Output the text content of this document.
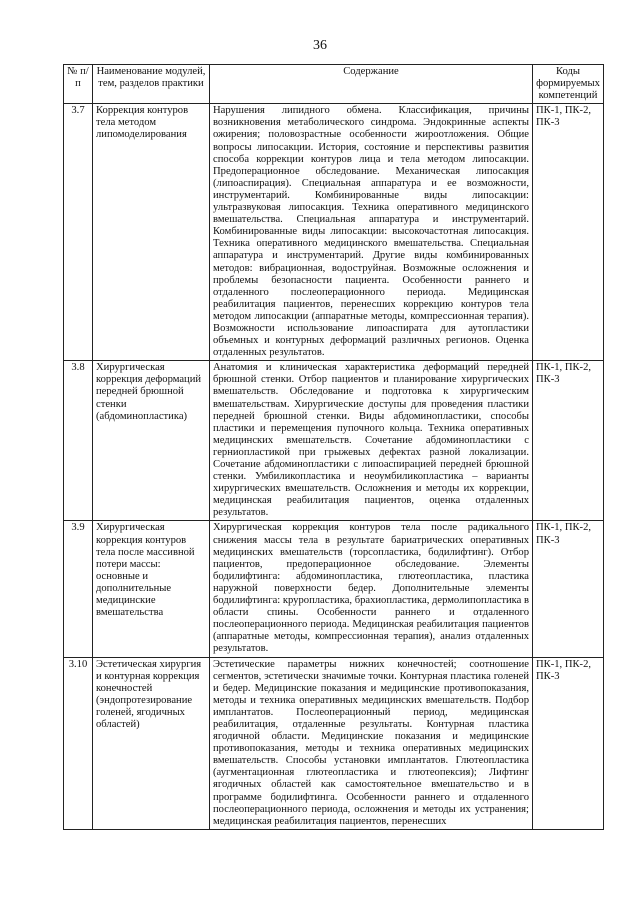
36
№ п/п	Наименование модулей, тем, разделов практики	Содержание	Коды формируемых компетенций
3.7	Коррекция контуров тела методом липомоделирования	Нарушения липидного обмена. Классификация, причины возникновения метаболического синдрома. Эндокринные аспекты ожирения; половозрастные особенности жироотложения. Общие вопросы липосакции. История, состояние и перспективы развития способа коррекции контуров лица и тела методом липосакции. Предоперационное обследование. Механическая липосакция (липоаспирация). Специальная аппаратура и ее возможности, инструментарий. Комбинированные виды липосакции: ультразвуковая липосакция. Техника оперативного медицинского вмешательства. Специальная аппаратура и инструментарий. Комбинированные виды липосакции: высокочастотная липосакция. Техника оперативного медицинского вмешательства. Специальная аппаратура и инструментарий. Другие виды комбинированных методов: вибрационная, водоструйная. Возможные осложнения и проблемы безопасности пациента. Особенности раннего и отдаленного послеоперационного периода. Медицинская реабилитация пациентов, перенесших коррекцию контуров тела методом липосакции (аппаратные методы, компрессионная терапия). Возможности использование липоаспирата для аутопластики объемных и контурных деформаций различных регионов. Оценка отдаленных результатов.	ПК-1, ПК-2, ПК-3
3.8	Хирургическая коррекция деформаций передней брюшной стенки (абдоминопластика)	Анатомия и клиническая характеристика деформаций передней брюшной стенки. Отбор пациентов и планирование хирургических вмешательств. Обследование и подготовка к хирургическим вмешательствам. Хирургические доступы для проведения пластики передней брюшной стенки. Виды абдоминопластики, способы пластики и перемещения пупочного кольца. Техника оперативных медицинских вмешательств. Сочетание абдоминопластики с герниопластикой при грыжевых дефектах разной локализации. Сочетание абдоминопластики с липоаспирацией передней брюшной стенки. Умбиликопластика и неоумбиликопластика – варианты хирургических вмешательств. Осложнения и методы их коррекции, медицинская реабилитация пациентов, оценка отдаленных результатов.	ПК-1, ПК-2, ПК-3
3.9	Хирургическая коррекция контуров тела после массивной потери массы: основные и дополнительные медицинские вмешательства	Хирургическая коррекция контуров тела после радикального снижения массы тела в результате бариатрических оперативных медицинских вмешательств (торсопластика, бодилифтинг). Отбор пациентов, предоперационное обследование. Элементы бодилифтинга: абдоминопластика, глютеопластика, пластика наружной поверхности бедер. Дополнительные элементы бодилифтинга: круропластика, брахиопластика, дермолипопластика в области спины. Особенности раннего и отдаленного послеоперационного периода. Медицинская реабилитация пациентов (аппаратные методы, компрессионная терапия), анализ отдаленных результатов.	ПК-1, ПК-2, ПК-3
3.10	Эстетическая хирургия и контурная коррекция конечностей (эндопротезирование голеней, ягодичных областей)	Эстетические параметры нижних конечностей; соотношение сегментов, эстетически значимые точки. Контурная пластика голеней и бедер. Медицинские показания и медицинские противопоказания, методы и техника оперативных медицинских вмешательств. Подбор имплантатов. Послеоперационный период, медицинская реабилитация, отдаленные результаты. Контурная пластика ягодичной области. Медицинские показания и медицинские противопоказания, методы и техника оперативных медицинских вмешательств. Способы установки имплантатов. Глютеопластика (аугментационная глютеопластика и глютеопексия); Лифтинг ягодичных областей как самостоятельное вмешательство и в программе бодилифтинга. Особенности раннего и отдаленного послеоперационного периода, осложнения и методы их устранения; медицинская реабилитация пациентов, перенесших	ПК-1, ПК-2, ПК-3
